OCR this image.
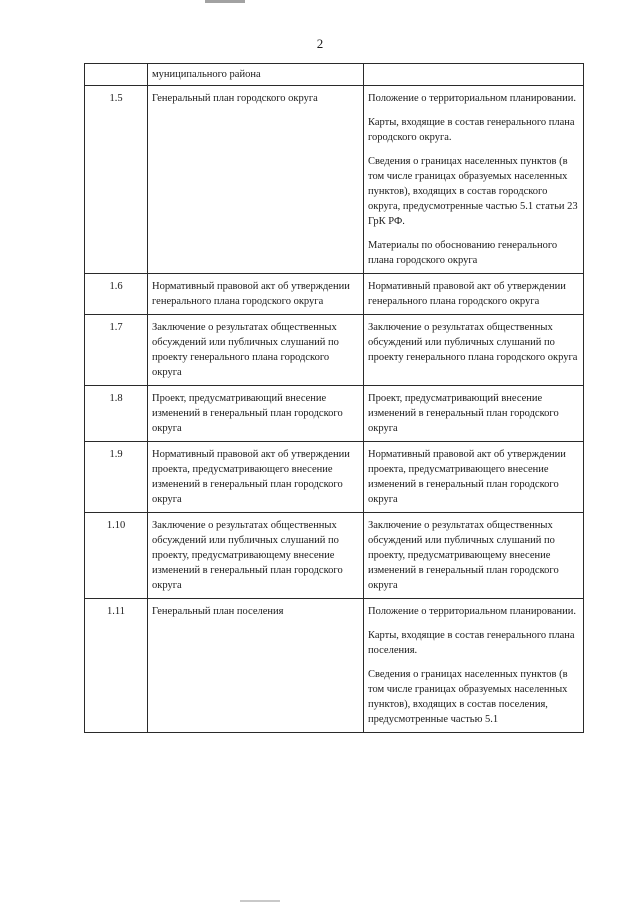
2
	муниципального района	
1.5	Генеральный план городского округа	Положение о территориальном планировании.
Карты, входящие в состав генерального плана городского округа.
Сведения о границах населенных пунктов (в том числе границах образуемых населенных пунктов), входящих в состав городского округа, предусмотренные частью 5.1 статьи 23 ГрК РФ.
Материалы по обоснованию генерального плана городского округа

1.6	Нормативный правовой акт об утверждении генерального плана городского округа	Нормативный правовой акт об утверждении генерального плана городского округа

1.7	Заключение о результатах общественных обсуждений или публичных слушаний по проекту генерального плана городского округа	Заключение о результатах общественных обсуждений или публичных слушаний по проекту генерального плана городского округа

1.8	Проект, предусматривающий внесение изменений в генеральный план городского округа	Проект, предусматривающий внесение изменений в генеральный план городского округа

1.9	Нормативный правовой акт об утверждении проекта, предусматривающего внесение изменений в генеральный план городского округа	Нормативный правовой акт об утверждении проекта, предусматривающего внесение изменений в генеральный план городского округа

1.10	Заключение о результатах общественных обсуждений или публичных слушаний по проекту, предусматривающему внесение изменений в генеральный план городского округа	Заключение о результатах общественных обсуждений или публичных слушаний по проекту, предусматривающему внесение изменений в генеральный план городского округа

1.11	Генеральный план поселения	Положение о территориальном планировании.
Карты, входящие в состав генерального плана поселения.
Сведения о границах населенных пунктов (в том числе границах образуемых населенных пунктов), входящих в состав поселения, предусмотренные частью 5.1
